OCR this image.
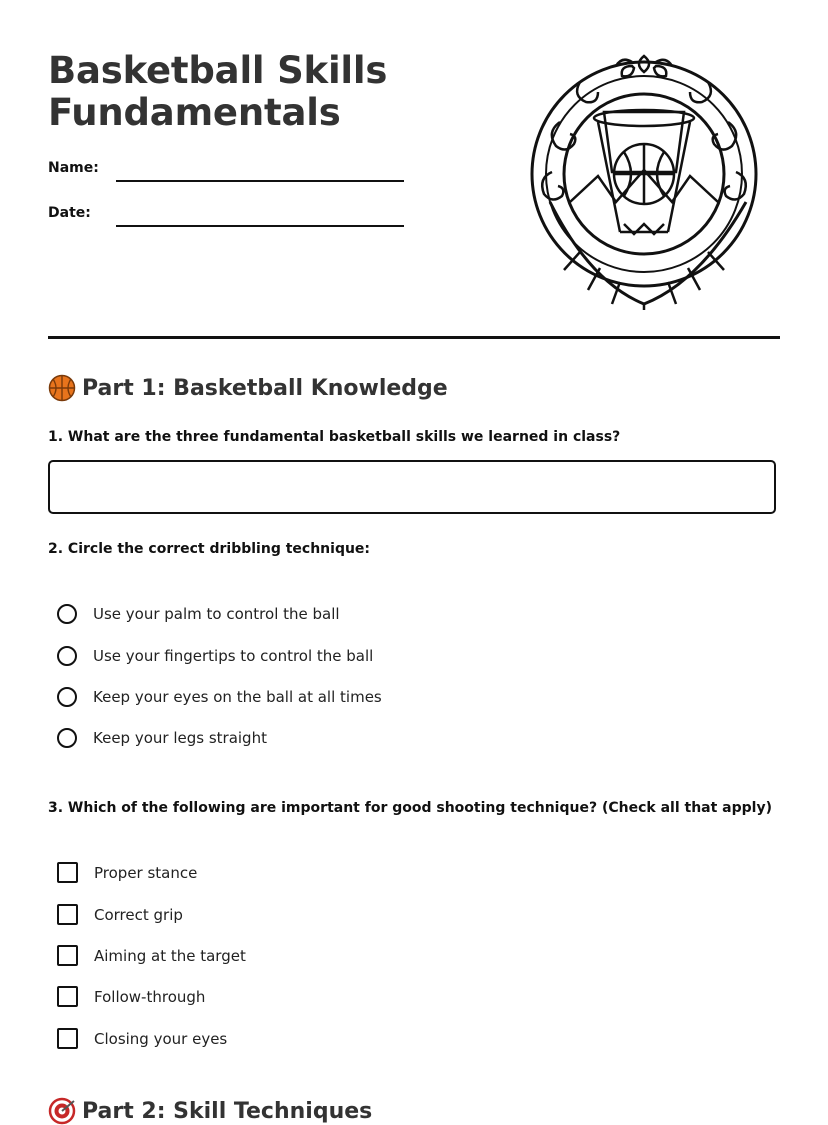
Basketball Skills
Fundamentals
Name:
Date:
Part 1: Basketball Knowledge
1. What are the three fundamental basketball skills we learned in class?
2. Circle the correct dribbling technique:
Use your palm to control the ball
Use your fingertips to control the ball
Keep your eyes on the ball at all times
Keep your legs straight
3. Which of the following are important for good shooting technique? (Check all that apply)
Proper stance
Correct grip
Aiming at the target
Follow-through
Closing your eyes
Part 2: Skill Techniques
